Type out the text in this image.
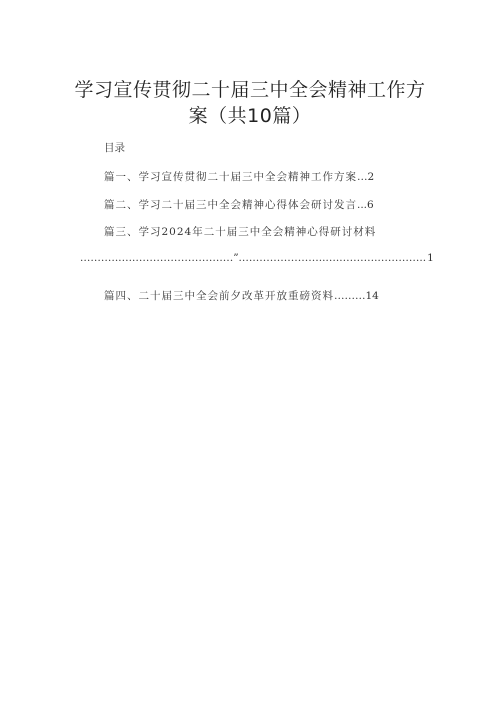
学习宣传贯彻二十届三中全会精神工作方
案（共10篇）
目录
篇一、学习宣传贯彻二十届三中全会精神工作方案…2
篇二、学习二十届三中全会精神心得体会研讨发言...6
篇三、学习2024年二十届三中全会精神心得研讨材料
.……….…..…………………….…”.….………………..…..……….………….. 1
篇四、二十届三中全会前夕改革开放重磅资料………14
